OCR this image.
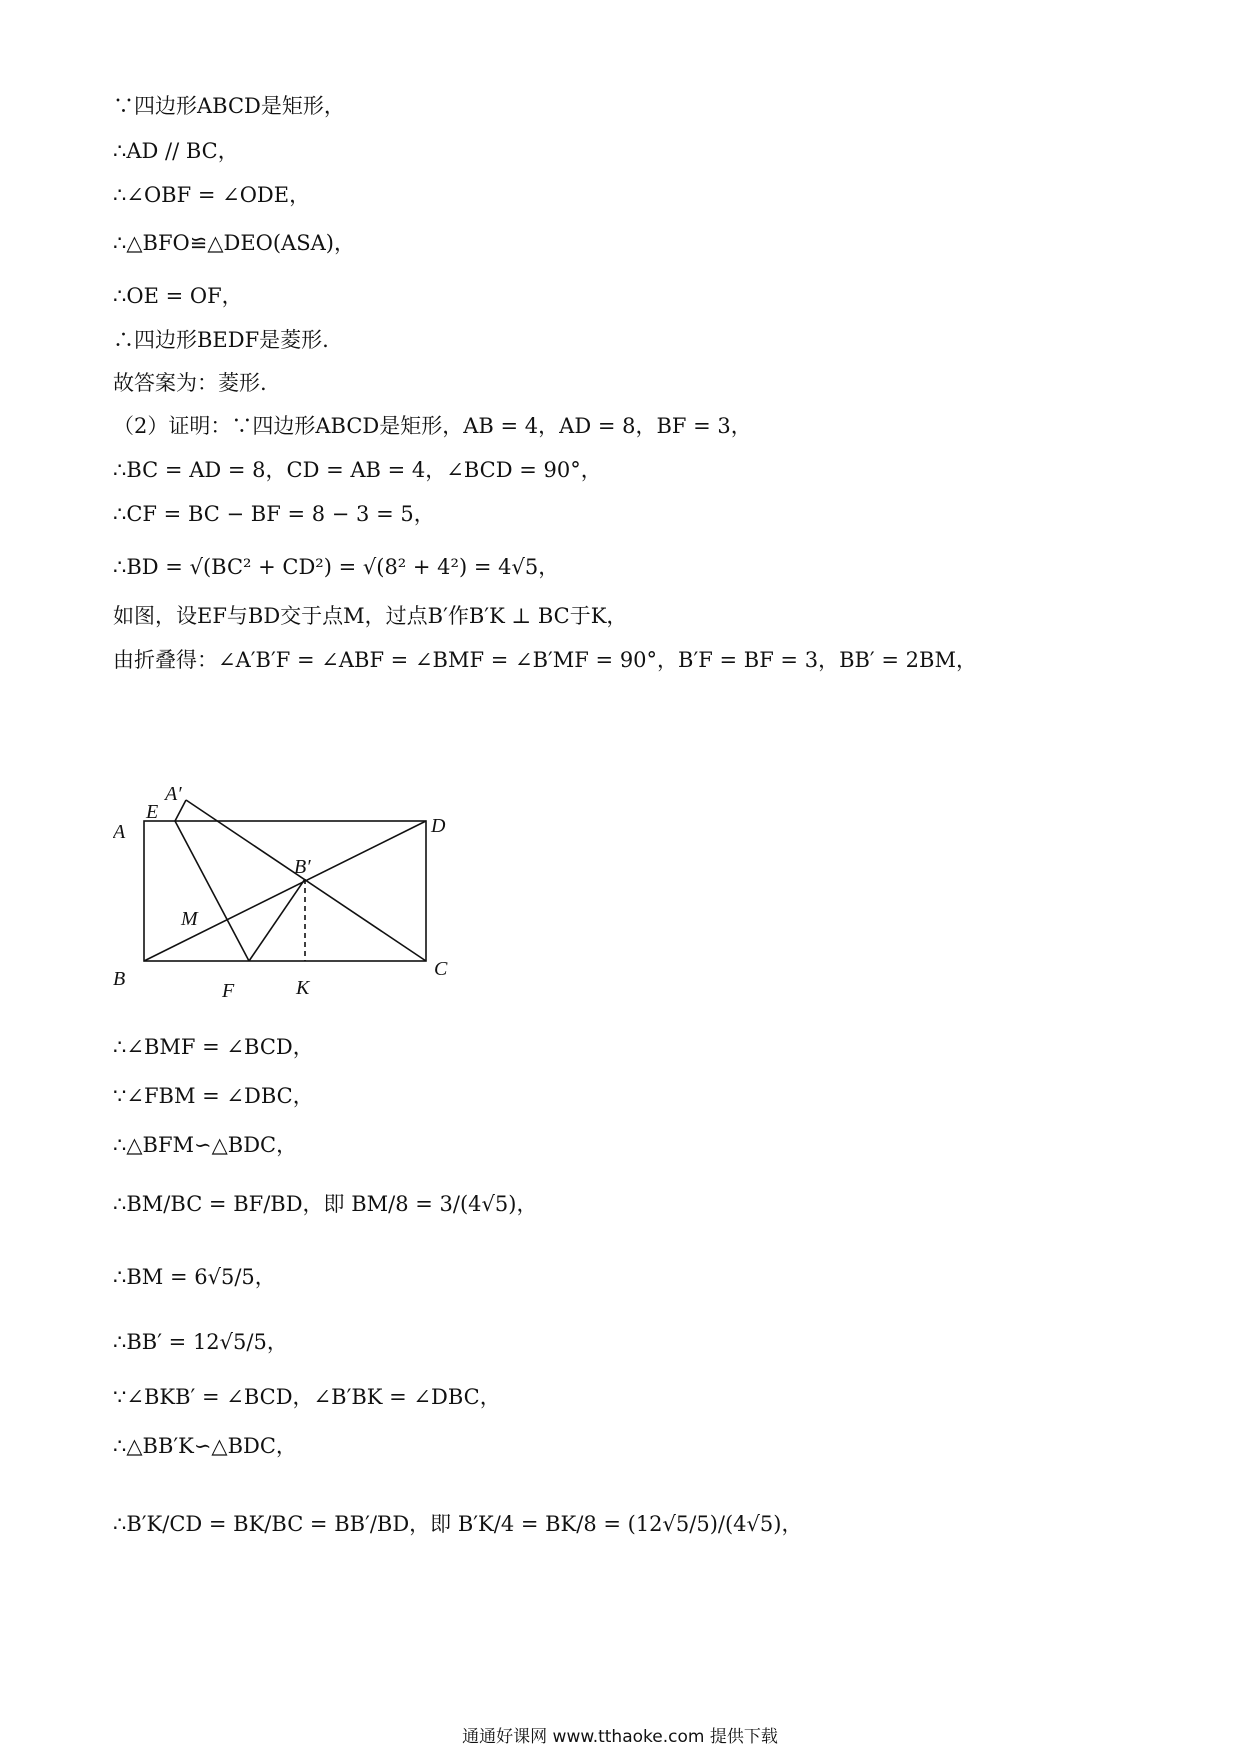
∵四边形ABCD是矩形，
∴AD // BC，
∴∠OBF = ∠ODE，
∴△BFO≌△DEO(ASA)，
∴OE = OF，
∴四边形BEDF是菱形.
故答案为：菱形.
（2）证明：∵四边形ABCD是矩形，AB = 4，AD = 8，BF = 3，
∴BC = AD = 8，CD = AB = 4，∠BCD = 90°，
∴CF = BC − BF = 8 − 3 = 5，
∴BD = √(BC² + CD²) = √(8² + 4²) = 4√5，
如图，设EF与BD交于点M，过点B′作B′K ⊥ BC于K，
由折叠得：∠A′B′F = ∠ABF = ∠BMF = ∠B′MF = 90°，B′F = BF = 3，BB′ = 2BM，
A
E
A′
D
B′
M
B
F	K
C
∴∠BMF = ∠BCD，
∵∠FBM = ∠DBC，
∴△BFM∽△BDC，
∴BM/BC = BF/BD，即 BM/8 = 3/(4√5)，
∴BM = 6√5/5，
∴BB′ = 12√5/5，
∵∠BKB′ = ∠BCD，∠B′BK = ∠DBC，
∴△BB′K∽△BDC，
∴B′K/CD = BK/BC = BB′/BD，即 B′K/4 = BK/8 = (12√5/5)/(4√5)，
通通好课网 www.tthaoke.com 提供下载
